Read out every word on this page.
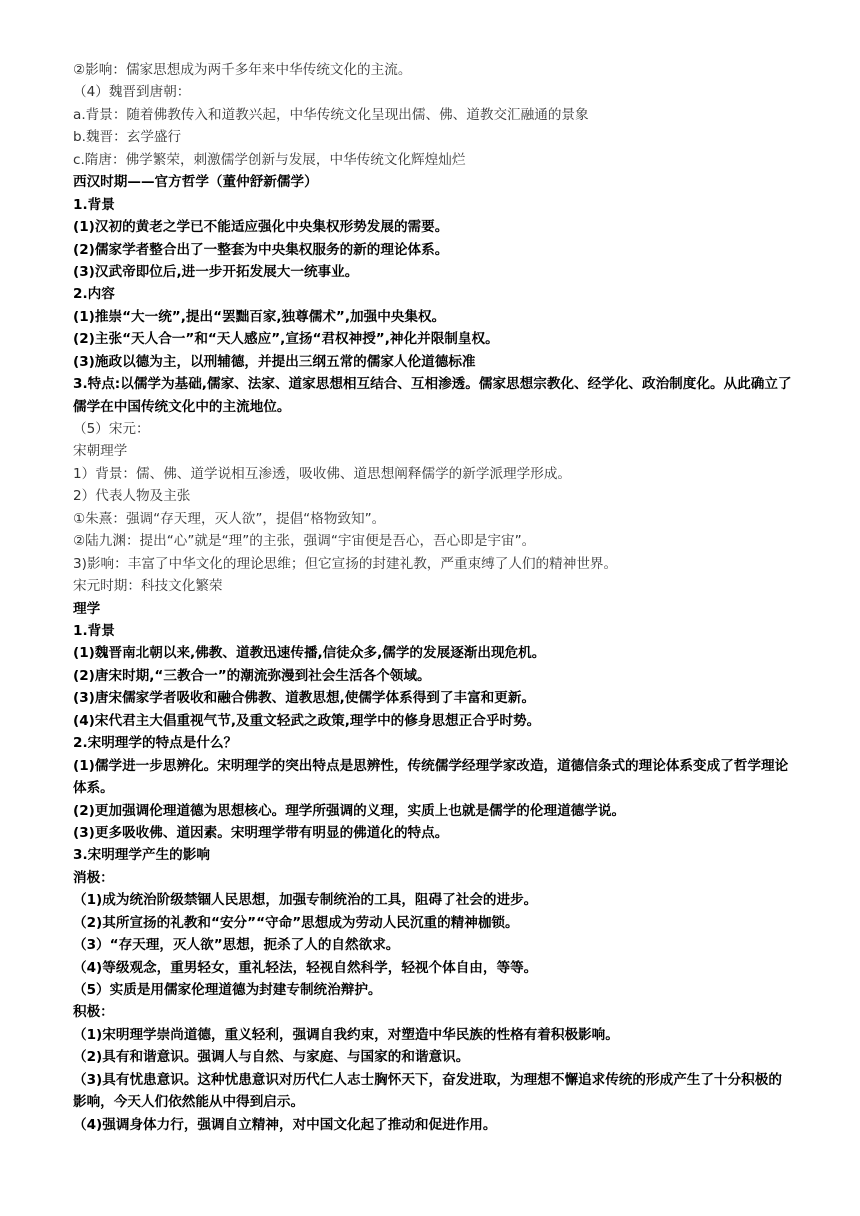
②影响：儒家思想成为两千多年来中华传统文化的主流。

（4）魏晋到唐朝：

a.背景：随着佛教传入和道教兴起，中华传统文化呈现出儒、佛、道教交汇融通的景象

b.魏晋：玄学盛行

c.隋唐：佛学繁荣，刺激儒学创新与发展，中华传统文化辉煌灿烂

西汉时期——官方哲学（董仲舒新儒学）

1.背景

(1)汉初的黄老之学已不能适应强化中央集权形势发展的需要。

(2)儒家学者整合出了一整套为中央集权服务的新的理论体系。

(3)汉武帝即位后,进一步开拓发展大一统事业。

2.内容

(1)推崇“大一统”,提出“罢黜百家,独尊儒术”,加强中央集权。

(2)主张“天人合一”和“天人感应”,宣扬“君权神授”,神化并限制皇权。

(3)施政以德为主，以刑辅德，并提出三纲五常的儒家人伦道德标准

3.特点:以儒学为基础,儒家、法家、道家思想相互结合、互相渗透。儒家思想宗教化、经学化、政治制度化。从此确立了儒学在中国传统文化中的主流地位。

（5）宋元：

宋朝理学

1）背景：儒、佛、道学说相互渗透，吸收佛、道思想阐释儒学的新学派理学形成。

2）代表人物及主张

①朱熹：强调“存天理，灭人欲”，提倡“格物致知”。

②陆九渊：提出“心”就是“理”的主张，强调“宇宙便是吾心，吾心即是宇宙”。

3)影响：丰富了中华文化的理论思维；但它宣扬的封建礼教，严重束缚了人们的精神世界。

宋元时期：科技文化繁荣

理学

1.背景

(1)魏晋南北朝以来,佛教、道教迅速传播,信徒众多,儒学的发展逐渐出现危机。

(2)唐宋时期,“三教合一”的潮流弥漫到社会生活各个领域。

(3)唐宋儒家学者吸收和融合佛教、道教思想,使儒学体系得到了丰富和更新。

(4)宋代君主大倡重视气节,及重文轻武之政策,理学中的修身思想正合乎时势。

2.宋明理学的特点是什么？

(1)儒学进一步思辨化。宋明理学的突出特点是思辨性，传统儒学经理学家改造，道德信条式的理论体系变成了哲学理论体系。

(2)更加强调伦理道德为思想核心。理学所强调的义理，实质上也就是儒学的伦理道德学说。

(3)更多吸收佛、道因素。宋明理学带有明显的佛道化的特点。

3.宋明理学产生的影响

消极：

（1)成为统治阶级禁锢人民思想，加强专制统治的工具，阻碍了社会的进步。

（2)其所宣扬的礼教和“安分”“守命”思想成为劳动人民沉重的精神枷锁。

（3）“存天理，灭人欲”思想，扼杀了人的自然欲求。

（4)等级观念，重男轻女，重礼轻法，轻视自然科学，轻视个体自由，等等。

（5）实质是用儒家伦理道德为封建专制统治辩护。

积极：

（1)宋明理学崇尚道德，重义轻利，强调自我约束，对塑造中华民族的性格有着积极影响。

（2)具有和谐意识。强调人与自然、与家庭、与国家的和谐意识。

（3)具有忧患意识。这种忧患意识对历代仁人志士胸怀天下，奋发进取，为理想不懈追求传统的形成产生了十分积极的影响，今天人们依然能从中得到启示。

（4)强调身体力行，强调自立精神，对中国文化起了推动和促进作用。
